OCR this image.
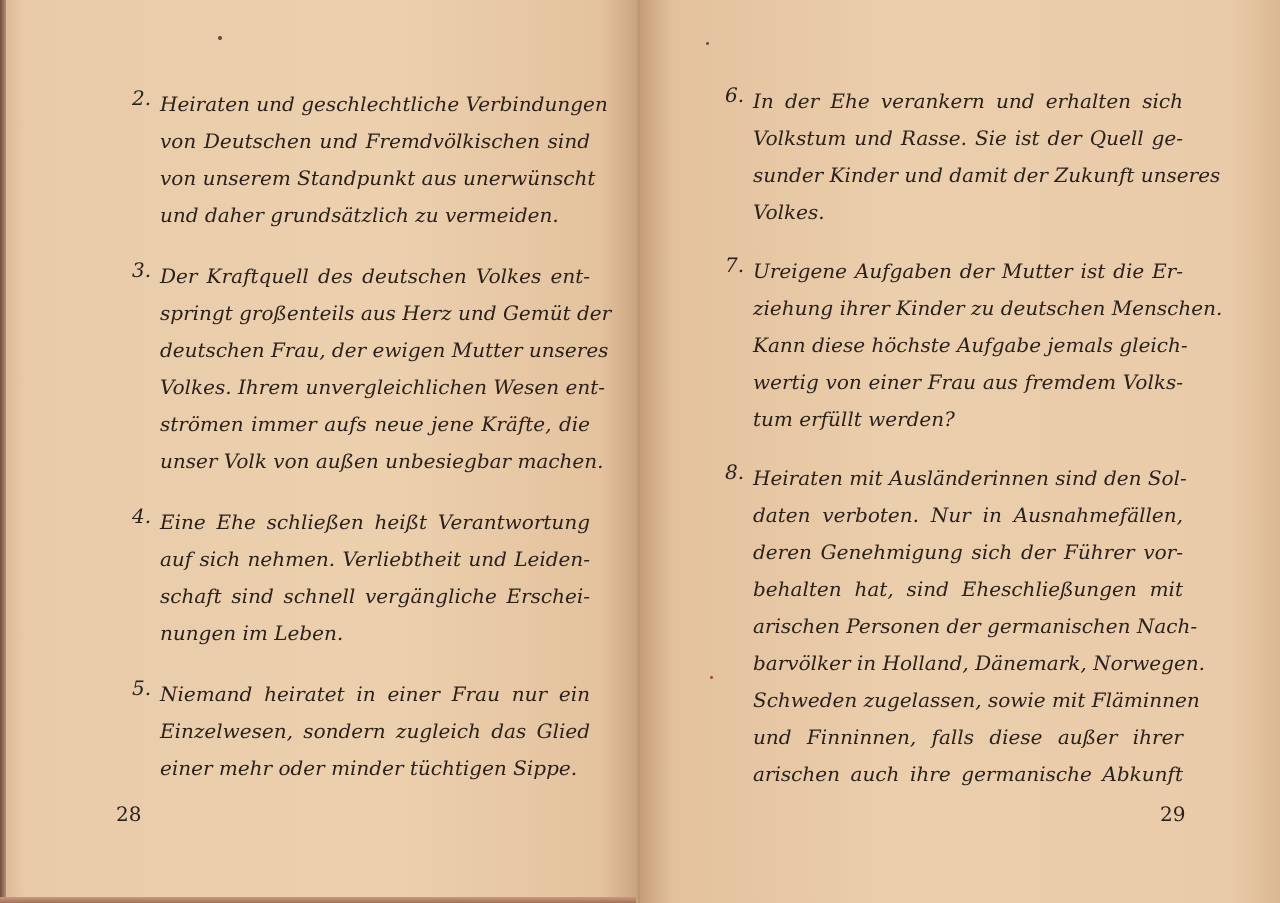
2. Heiraten und geschlechtliche Verbindungen
von Deutschen und Fremdvölkischen sind
von unserem Standpunkt aus unerwünscht
und daher grundsätzlich zu vermeiden.
3. Der Kraftquell des deutschen Volkes ent-
springt großenteils aus Herz und Gemüt der
deutschen Frau, der ewigen Mutter unseres
Volkes. Ihrem unvergleichlichen Wesen ent-
strömen immer aufs neue jene Kräfte, die
unser Volk von außen unbesiegbar machen.
4. Eine Ehe schließen heißt Verantwortung
auf sich nehmen. Verliebtheit und Leiden-
schaft sind schnell vergängliche Erschei-
nungen im Leben.
5. Niemand heiratet in einer Frau nur ein
Einzelwesen, sondern zugleich das Glied
einer mehr oder minder tüchtigen Sippe.
28
6. In der Ehe verankern und erhalten sich
Volkstum und Rasse. Sie ist der Quell ge-
sunder Kinder und damit der Zukunft unseres
Volkes.
7. Ureigene Aufgaben der Mutter ist die Er-
ziehung ihrer Kinder zu deutschen Menschen.
Kann diese höchste Aufgabe jemals gleich-
wertig von einer Frau aus fremdem Volks-
tum erfüllt werden?
8. Heiraten mit Ausländerinnen sind den Sol-
daten verboten. Nur in Ausnahmefällen,
deren Genehmigung sich der Führer vor-
behalten hat, sind Eheschließungen mit
arischen Personen der germanischen Nach-
barvölker in Holland, Dänemark, Norwegen.
Schweden zugelassen, sowie mit Fläminnen
und Finninnen, falls diese außer ihrer
arischen auch ihre germanische Abkunft
29
